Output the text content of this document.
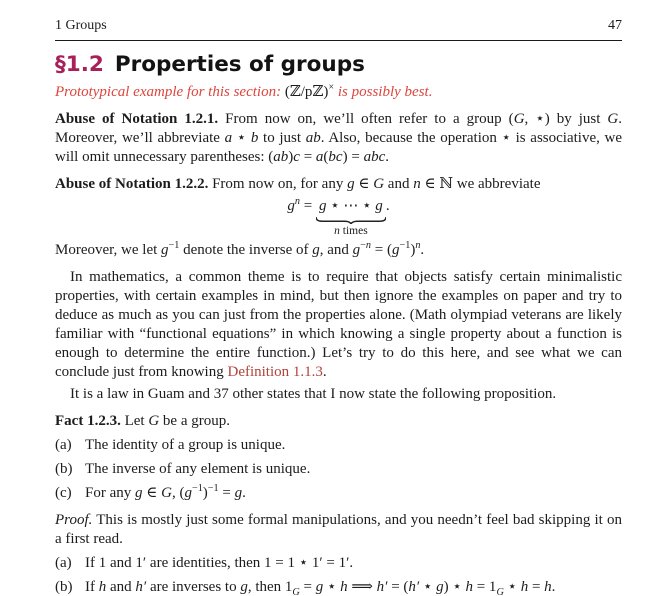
1 Groups	47
§1.2 Properties of groups

Prototypical example for this section: (ℤ/pℤ)× is possibly best.

Abuse of Notation 1.2.1. From now on, we’ll often refer to a group (G, ⋆) by just G. Moreover, we’ll abbreviate a ⋆ b to just ab. Also, because the operation ⋆ is associative, we will omit unnecessary parentheses: (ab)c = a(bc) = abc.

Abuse of Notation 1.2.2. From now on, for any g ∈ G and n ∈ ℕ we abbreviate

$g^n = g$ ⋆ ⋯ ⋆ g
n times
.

Moreover, we let $g^{-1}$ denote the inverse of g, and $g^{-n} = (g^{-1})^n$.

In mathematics, a common theme is to require that objects satisfy certain minimalistic properties, with certain examples in mind, but then ignore the examples on paper and try to deduce as much as you can just from the properties alone. (Math olympiad veterans are likely familiar with “functional equations” in which knowing a single property about a function is enough to determine the entire function.) Let’s try to do this here, and see what we can conclude just from knowing Definition 1.1.3.

It is a law in Guam and 37 other states that I now state the following proposition.

Fact 1.2.3. Let G be a group.

(a) The identity of a group is unique.
(b) The inverse of any element is unique.
(c) For any g ∈ G, $(g^{-1})^{-1} = g$.

Proof. This is mostly just some formal manipulations, and you needn’t feel bad skipping it on a first read.

(a) If 1 and 1′ are identities, then 1 = 1 ⋆ 1′ = 1′.
(b) If h and h′ are inverses to g, then $1_G = g$ ⋆ h ⟹ h′ = (h′ ⋆ g) ⋆ $h = 1_G$ ⋆ h = h.
